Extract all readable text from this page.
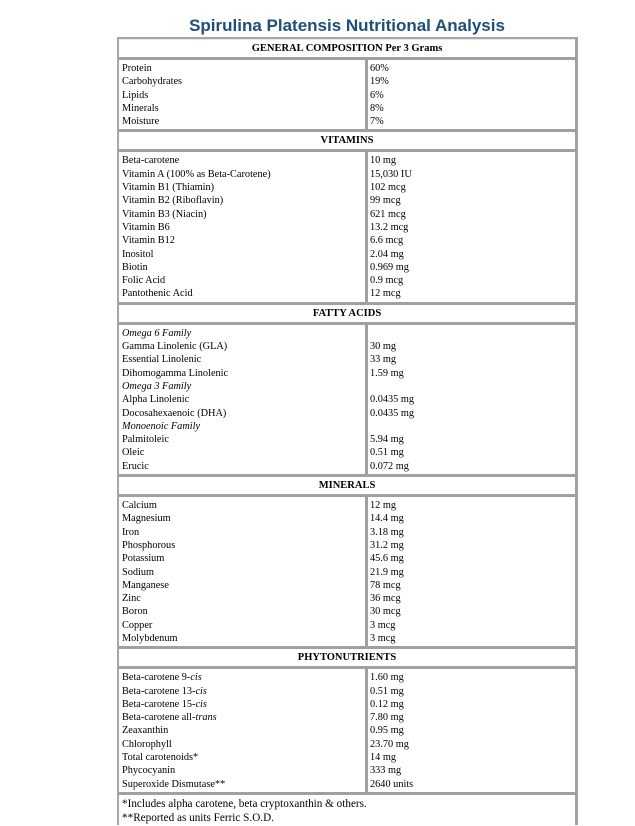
Spirulina Platensis Nutritional Analysis
GENERAL COMPOSITION Per 3 Grams
Protein
Carbohydrates
Lipids
Minerals
Moisture
60%
19%
6%
8%
7%
VITAMINS
Beta-carotene
Vitamin A (100% as Beta-Carotene)
Vitamin B1 (Thiamin)
Vitamin B2 (Riboflavin)
Vitamin B3 (Niacin)
Vitamin B6
Vitamin B12
Inositol
Biotin
Folic Acid
Pantothenic Acid
10 mg
15,030 IU
102 mcg
99 mcg
621 mcg
13.2 mcg
6.6 mcg
2.04 mg
0.969 mg
0.9 mcg
12 mcg
FATTY ACIDS
Omega 6 Family
Gamma Linolenic (GLA)
Essential Linolenic
Dihomogamma Linolenic
Omega 3 Family
Alpha Linolenic
Docosahexaenoic (DHA)
Monoenoic Family
Palmitoleic
Oleic
Erucic

30 mg
33 mg
1.59 mg

0.0435 mg
0.0435 mg

5.94 mg
0.51 mg
0.072 mg
MINERALS
Calcium
Magnesium
Iron
Phosphorous
Potassium
Sodium
Manganese
Zinc
Boron
Copper
Molybdenum
12 mg
14.4 mg
3.18 mg
31.2 mg
45.6 mg
21.9 mg
78 mcg
36 mcg
30 mcg
3 mcg
3 mcg
PHYTONUTRIENTS
Beta-carotene 9-cis
Beta-carotene 13-cis
Beta-carotene 15-cis
Beta-carotene all-trans
Zeaxanthin
Chlorophyll
Total carotenoids*
Phycocyanin
Superoxide Dismutase**
1.60 mg
0.51 mg
0.12 mg
7.80 mg
0.95 mg
23.70 mg
14 mg
333 mg
2640 units
*Includes alpha carotene, beta cryptoxanthin & others.
**Reported as units Ferric S.O.D.
